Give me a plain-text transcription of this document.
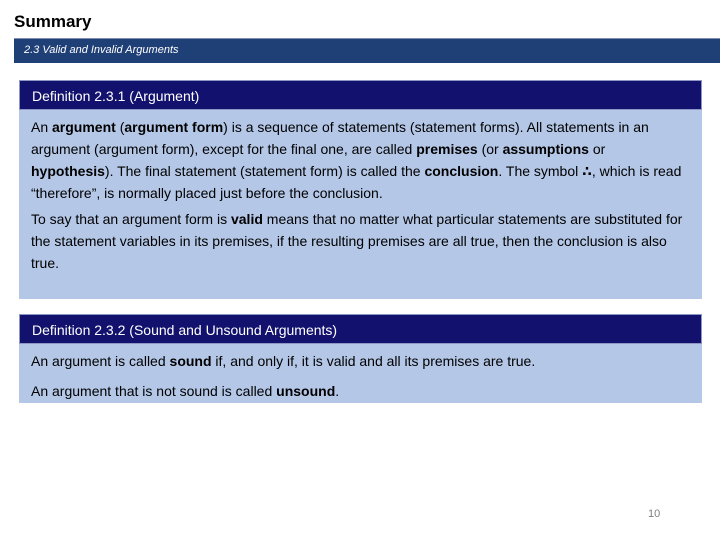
Summary
2.3 Valid and Invalid Arguments
Definition 2.3.1 (Argument)

An argument (argument form) is a sequence of statements (statement forms). All statements in an argument (argument form), except for the final one, are called premises (or assumptions or hypothesis). The final statement (statement form) is called the conclusion. The symbol ∴, which is read “therefore”, is normally placed just before the conclusion.

To say that an argument form is valid means that no matter what particular statements are substituted for the statement variables in its premises, if the resulting premises are all true, then the conclusion is also true.

Definition 2.3.2 (Sound and Unsound Arguments)

An argument is called sound if, and only if, it is valid and all its premises are true.

An argument that is not sound is called unsound.

10
